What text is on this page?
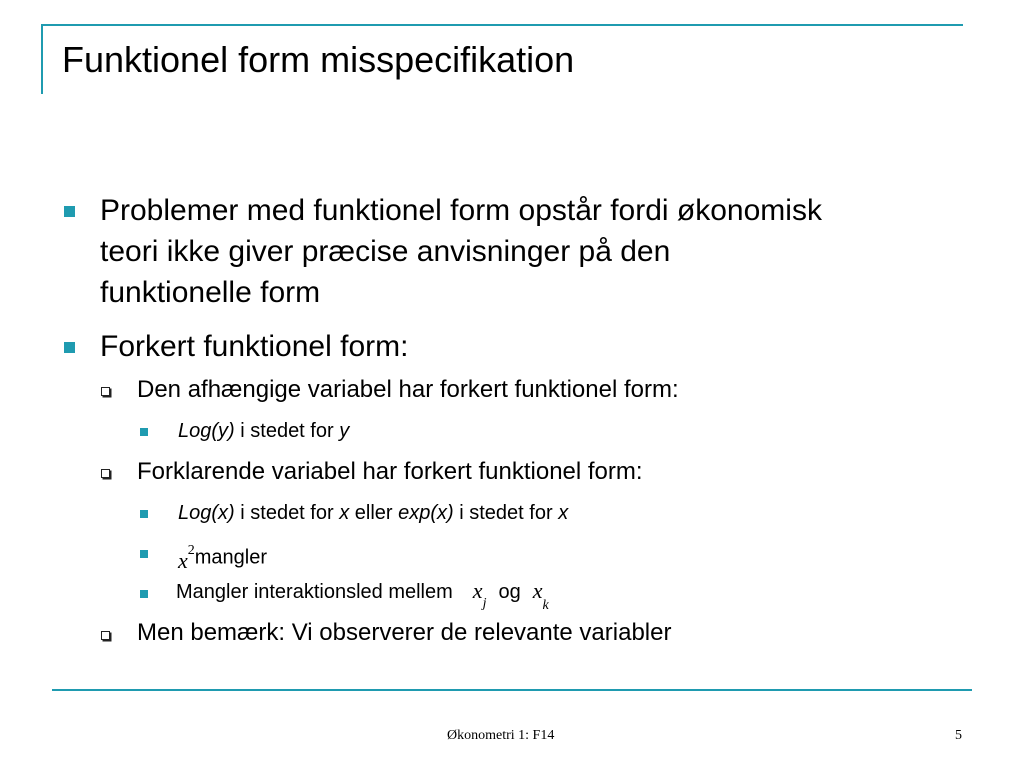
Funktionel form misspecifikation
Problemer med funktionel form opstår fordi økonomisk
teori ikke giver præcise anvisninger på den
funktionelle form
Forkert funktionel form:
Den afhængige variabel har forkert funktionel form:
Log(y) i stedet for y
Forklarende variabel har forkert funktionel form:
Log(x) i stedet for x eller exp(x) i stedet for x
$x^2mangler$
Mangler interaktionsled mellem $x_jog$ $x_k$
Men bemærk: Vi observerer de relevante variabler
Økonometri 1: F14	5
